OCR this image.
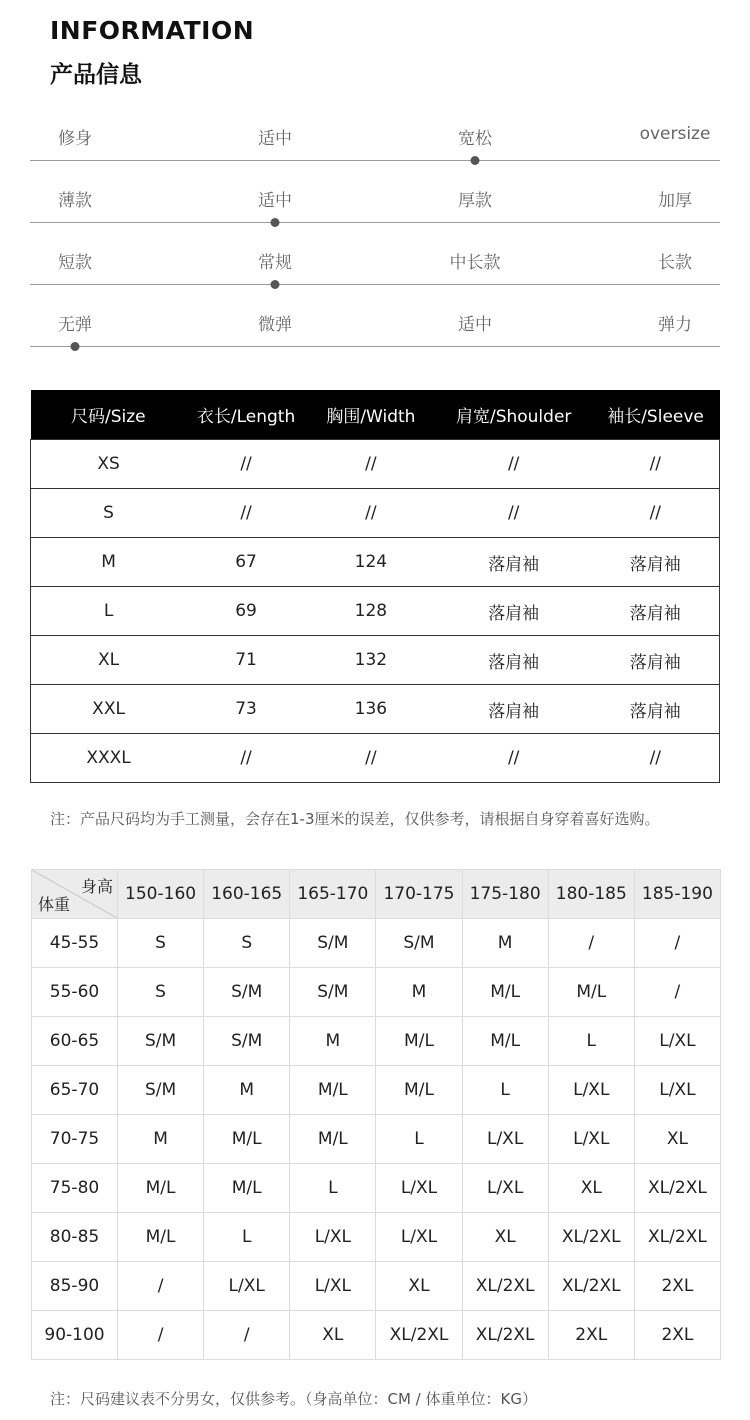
INFORMATION
产品信息
修身	适中	宽松	oversize
薄款	适中	厚款	加厚
短款	常规	中长款	长款
无弹	微弹	适中	弹力
尺码/Size	衣长/Length	胸围/Width	肩宽/Shoulder	袖长/Sleeve
XS	//	//	//	//
S	//	//	//	//
M	67	124	落肩袖	落肩袖
L	69	128	落肩袖	落肩袖
XL	71	132	落肩袖	落肩袖
XXL	73	136	落肩袖	落肩袖
XXXL	//	//	//	//
注：产品尺码均为手工测量，会存在1-3厘米的误差，仅供参考，请根据自身穿着喜好选购。
身高
体重	150-160	160-165	165-170	170-175	175-180	180-185	185-190
45-55	S	S	S/M	S/M	M	/	/
55-60	S	S/M	S/M	M	M/L	M/L	/
60-65	S/M	S/M	M	M/L	M/L	L	L/XL
65-70	S/M	M	M/L	M/L	L	L/XL	L/XL
70-75	M	M/L	M/L	L	L/XL	L/XL	XL
75-80	M/L	M/L	L	L/XL	L/XL	XL	XL/2XL
80-85	M/L	L	L/XL	L/XL	XL	XL/2XL	XL/2XL
85-90	/	L/XL	L/XL	XL	XL/2XL	XL/2XL	2XL
90-100	/	/	XL	XL/2XL	XL/2XL	2XL	2XL
注：尺码建议表不分男女，仅供参考。（身高单位：CM / 体重单位：KG）
